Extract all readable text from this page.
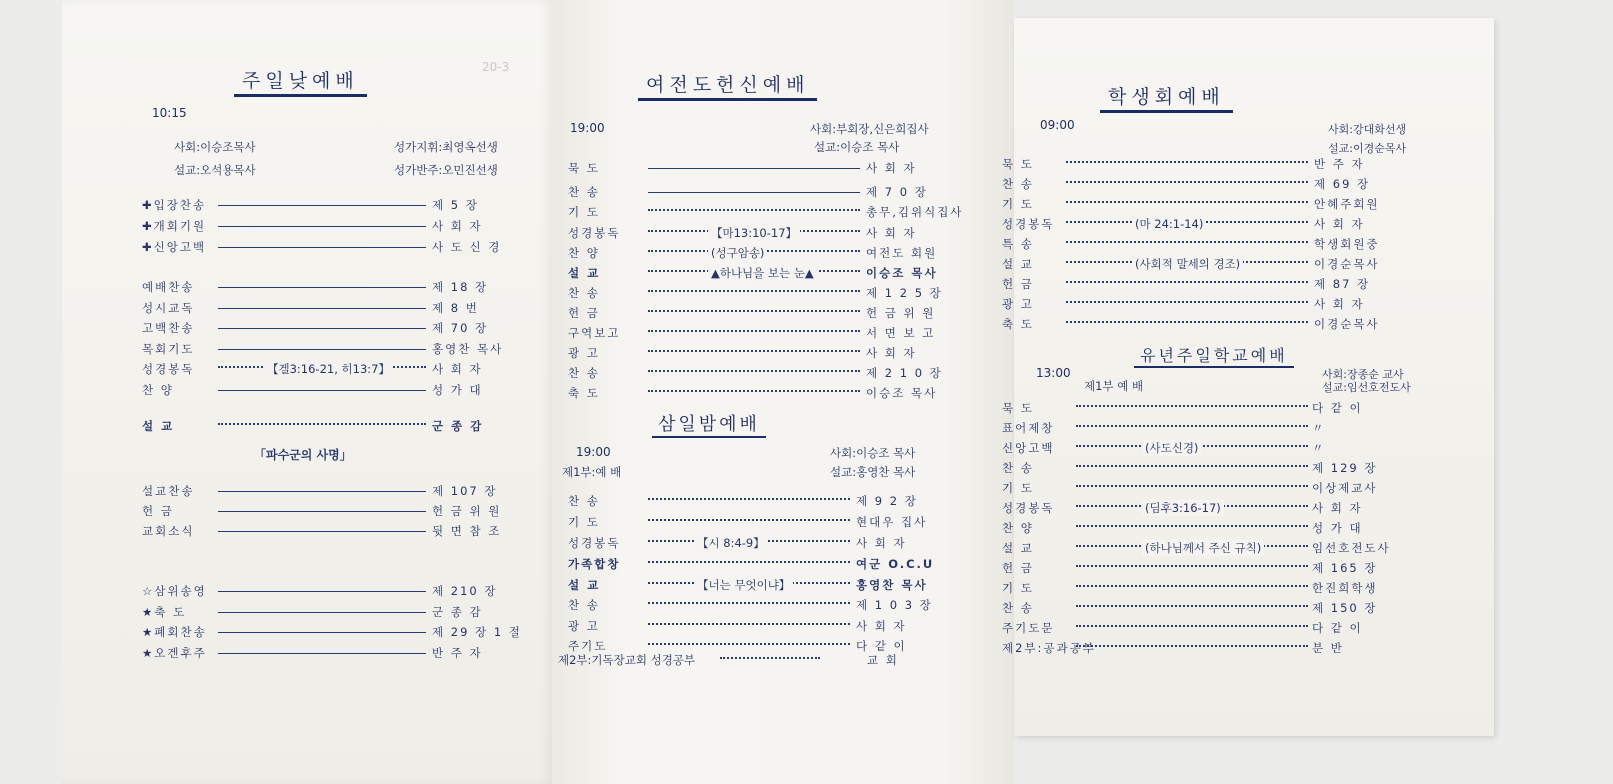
20-3
주일낮예배
10:15
사회:이승조목사	성가지휘:최영옥선생
설교:오석용목사	성가반주:오민진선생
✚입장찬송	제 5 장
✚개회기원	사 회 자
✚신앙고백	사 도 신 경
예배찬송	제 18 장
성시교독	제 8 번
고백찬송	제 70 장
목회기도	홍영찬 목사
성경봉독	【겔3:16-21, 히13:7】	사 회 자
찬 양	성 가 대
설 교	군 종 감
설교찬송	제 107 장
헌 금	헌 금 위 원
교회소식	뒷 면 참 조
☆삼위송영	제 210 장
★축 도	군 종 감
★폐회찬송	제 29 장 1 절
★오겐후주	반 주 자
「파수군의 사명」
여전도헌신예배
19:00	사회:부회장,신은희집사
설교:이승조 목사
묵 도	사 회 자
찬 송	제 7 0 장
기 도	총무,김위식집사
성경봉독	【마13:10-17】	사 회 자
찬 양	(성구암송)	여전도 회원
설 교	▲하나님을 보는 눈▲	이승조 목사
찬 송	제 1 2 5 장
헌 금	헌 금 위 원
구역보고	서 면 보 고
광 고	사 회 자
찬 송	제 2 1 0 장
축 도	이승조 목사
삼일밤예배
19:00
제1부:예 배
사회:이승조 목사
설교:홍영찬 목사
찬 송	제 9 2 장
기 도	현대우 집사
성경봉독	【시 8:4-9】	사 회 자
가족합창	여군 O.C.U
설 교	【너는 무엇이냐】	홍영찬 목사
찬 송	제 1 0 3 장
광 고	사 회 자
주기도	다 같 이
제2부:기독장교회 성경공부	교 회
학생회예배
09:00	사회:강대화선생
설교:이경순목사
묵 도	반 주 자
찬 송	제 69 장
기 도	안혜주회원
성경봉독	(마 24:1-14)	사 회 자
특 송	학생회원중
설 교	(사회적 말세의 경조)	이경순목사
헌 금	제 87 장
광 고	사 회 자
축 도	이경순목사
유년주일학교예배
13:00
제1부 예 배
사회:장종순 교사
설교:임선호전도사
묵 도	다 같 이
표어제창	〃
신앙고백	(사도신경)	〃
찬 송	제 129 장
기 도	이상제교사
성경봉독	(딤후3:16-17)	사 회 자
찬 양	성 가 대
설 교	(하나님께서 주신 규칙)	임선호전도사
헌 금	제 165 장
기 도	한진희학생
찬 송	제 150 장
주기도문	다 같 이
제2부:공과공부	분 반
